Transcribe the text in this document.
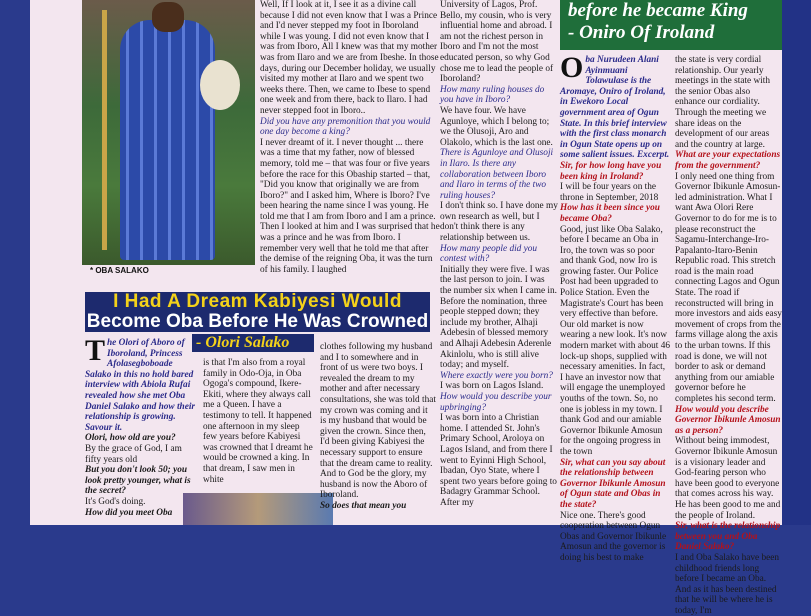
* OBA SALAKO

Well, If I look at it, I see it as a divine call because I did not even know that I was a Prince and I'd never stepped my foot in Iboroland while I was young. I did not even know that I was from Iboro, All I knew was that my mother was from Ilaro and we are from Ibeshe. In those days, during our December holiday, we usually visited my mother at Ilaro and we spent two weeks there. Then, we came to Ibese to spend one week and from there, back to Ilaro. I had never stepped foot in Iboro..

Did you have any premonition that you would one day become a king?

I never dreamt of it. I never thought ... there was a time that my father, now of blessed memory, told me – that was four or five years before the race for this Obaship started – that, "Did you know that originally we are from Iboro?" and I asked him, Where is Iboro? I've been hearing the name since I was young. He told me that I am from Iboro and I am a prince. Then I looked at him and I was surprised that he was a prince and he was from Iboro. I remember very well that he told me that after the demise of the reigning Oba, it was the turn of his family. I laughed

University of Lagos, Prof. Bello, my cousin, who is very influential home and abroad. I am not the richest person in Iboro and I'm not the most educated person, so why God chose me to lead the people of Iboroland?

How many ruling houses do you have in Iboro?

We have four. We have Agunloye, which I belong to; we the Olusoji, Aro and Olakolo, which is the last one.

There is Agunloye and Olusoji in Ilaro. Is there any collaboration between Iboro and Ilaro in terms of the two ruling houses?

I don't think so. I have done my own research as well, but I don't think there is any relationship between us.

How many people did you contest with?

Initially they were five. I was the last person to join. I was the number six when I came in. Before the nomination, three people stepped down; they include my brother, Alhaji Adebesin of blessed memory and Alhaji Adebesin Aderenle Akinlolu, who is still alive today; and myself.

Where exactly were you born?

I was born on Lagos Island.

How would you describe your upbringing?

I was born into a Christian home. I attended St. John's Primary School, Aroloya on Lagos Island, and from there I went to Eyinni High School, Ibadan, Oyo State, where I spent two years before going to Badagry Grammar School. After my

before he became King
- Oniro Of Iroland

Oba Nurudeen Alani Ayinmuani Tolawulase is the Aromaye, Oniro of Iroland, in Ewekoro Local government area of Ogun State. In this brief interview with the first class monarch in Ogun State opens up on some salient issues. Excerpt.

Sir, for how long have you been king in Iroland?

I will be four years on the throne in September, 2018

How has it been since you became Oba?

Good, just like Oba Salako, before I became an Oba in Iro, the town was so poor and thank God, now Iro is growing faster. Our Police Post had been upgraded to Police Station. Even the Magistrate's Court has been very effective than before. Our old market is now wearing a new look. It's now modern market with about 46 lock-up shops, supplied with necessary amenities. In fact, I have an investor now that will engage the unemployed youths of the town. So, no one is jobless in my town. I thank God and our amiable Governor Ibikunle Amosun for the ongoing progress in the town

Sir, what can you say about the relationship between Governor Ibikunle Amosun of Ogun state and Obas in the state?

Nice one. There's good cooperation between Ogun Obas and Governor Ibikunle Amosun and the governor is doing his best to make

the state is very cordial relationship. Our yearly meetings in the state with the senior Obas also enhance our cordiality. Through the meeting we share ideas on the development of our areas and the country at large.

What are your expectations from the government?

I only need one thing from Governor Ibikunle Amosun-led administration. What I want Awa Olori Rere Governor to do for me is to please reconstruct the Sagamu-Interchange-Iro-Papalanto-Itaro-Benin Republic road. This stretch road is the main road connecting Lagos and Ogun State. The road if reconstructed will bring in more investors and aids easy movement of crops from the farms village along the axis to the urban towns. If this road is done, we will not border to ask or demand anything from our amiable governor before he completes his second term.

How would you describe Governor Ibikunle Amosun as a person?

Without being immodest, Governor Ibikunle Amosun is a visionary leader and God-fearing person who have been good to everyone that comes across his way. He has been good to me and the people of Iroland.

Sir, what is the relationship between you and Oba Daniel Salako?

I and Oba Salako have been childhood friends long before I became an Oba. And as it has been destined that he will be where he is today, I'm

I Had A Dream Kabiyesi Would
Become Oba Before He Was Crowned
- Olori Salako

The Olori of Aboro of Iboroland, Princess Afolasegboboade Salako in this no hold bared interview with Abiola Rufai revealed how she met Oba Daniel Salako and how their relationship is growing. Savour it.

Olori, how old are you?

By the grace of God, I am fifty years old

But you don't look 50; you look pretty younger, what is the secret?

It's God's doing.

How did you meet Oba

is that I'm also from a royal family in Odo-Oja, in Oba Ogoga's compound, Ikere-Ekiti, where they always call me a Queen. I have a testimony to tell. It happened one afternoon in my sleep few years before Kabiyesi was crowned that I dreamt he would be crowned a king. In that dream, I saw men in white

clothes following my husband and I to somewhere and in front of us were two boys. I revealed the dream to my mother and after necessary consultations, she was told that my crown was coming and it is my husband that would be given the crown. Since then, I'd been giving Kabiyesi the necessary support to ensure that the dream came to reality. And to God be the glory, my husband is now the Aboro of Iboroland.

So does that mean you
